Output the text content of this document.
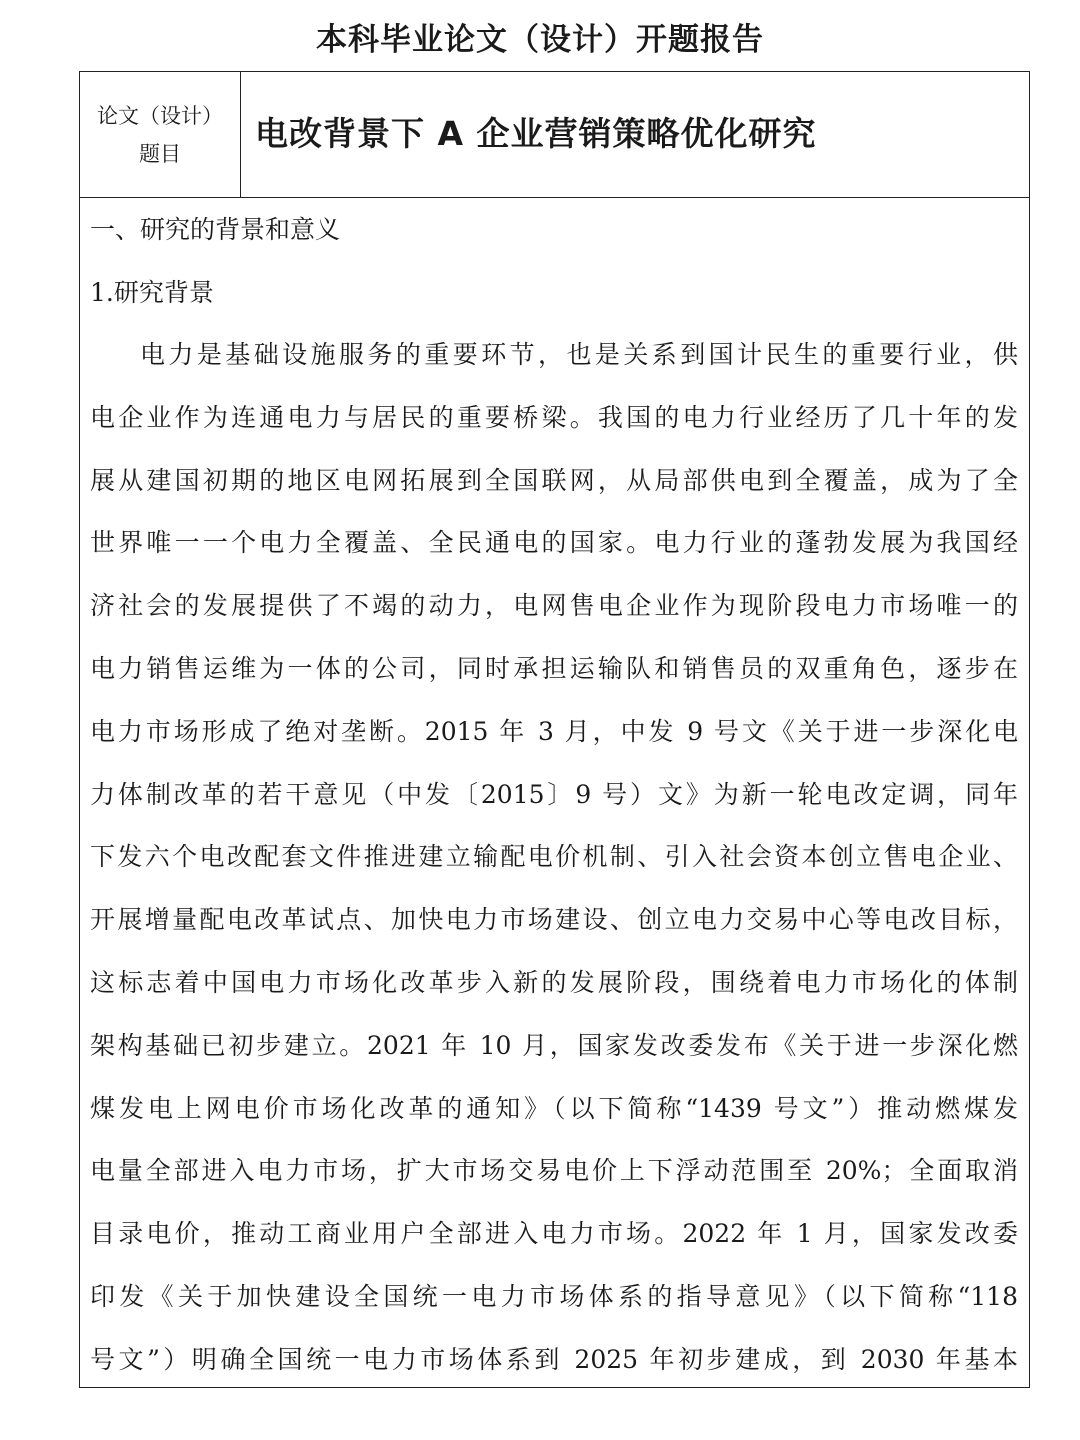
本科毕业论文（设计）开题报告
论文（设计）
题目
电改背景下 A 企业营销策略优化研究
一、研究的背景和意义
1.研究背景
电力是基础设施服务的重要环节，也是关系到国计民生的重要行业，供
电企业作为连通电力与居民的重要桥梁。我国的电力行业经历了几十年的发
展从建国初期的地区电网拓展到全国联网，从局部供电到全覆盖，成为了全
世界唯一一个电力全覆盖、全民通电的国家。电力行业的蓬勃发展为我国经
济社会的发展提供了不竭的动力，电网售电企业作为现阶段电力市场唯一的
电力销售运维为一体的公司，同时承担运输队和销售员的双重角色，逐步在
电力市场形成了绝对垄断。2015 年 3 月，中发 9 号文《关于进一步深化电
力体制改革的若干意见（中发〔2015〕9 号）文》为新一轮电改定调，同年
下发六个电改配套文件推进建立输配电价机制、引入社会资本创立售电企业、
开展增量配电改革试点、加快电力市场建设、创立电力交易中心等电改目标，
这标志着中国电力市场化改革步入新的发展阶段，围绕着电力市场化的体制
架构基础已初步建立。2021 年 10 月，国家发改委发布《关于进一步深化燃
煤发电上网电价市场化改革的通知》（以下简称“1439 号文”）推动燃煤发
电量全部进入电力市场，扩大市场交易电价上下浮动范围至 20%；全面取消
目录电价，推动工商业用户全部进入电力市场。2022 年 1 月，国家发改委
印发《关于加快建设全国统一电力市场体系的指导意见》（以下简称“118
号文”）明确全国统一电力市场体系到 2025 年初步建成，到 2030 年基本
